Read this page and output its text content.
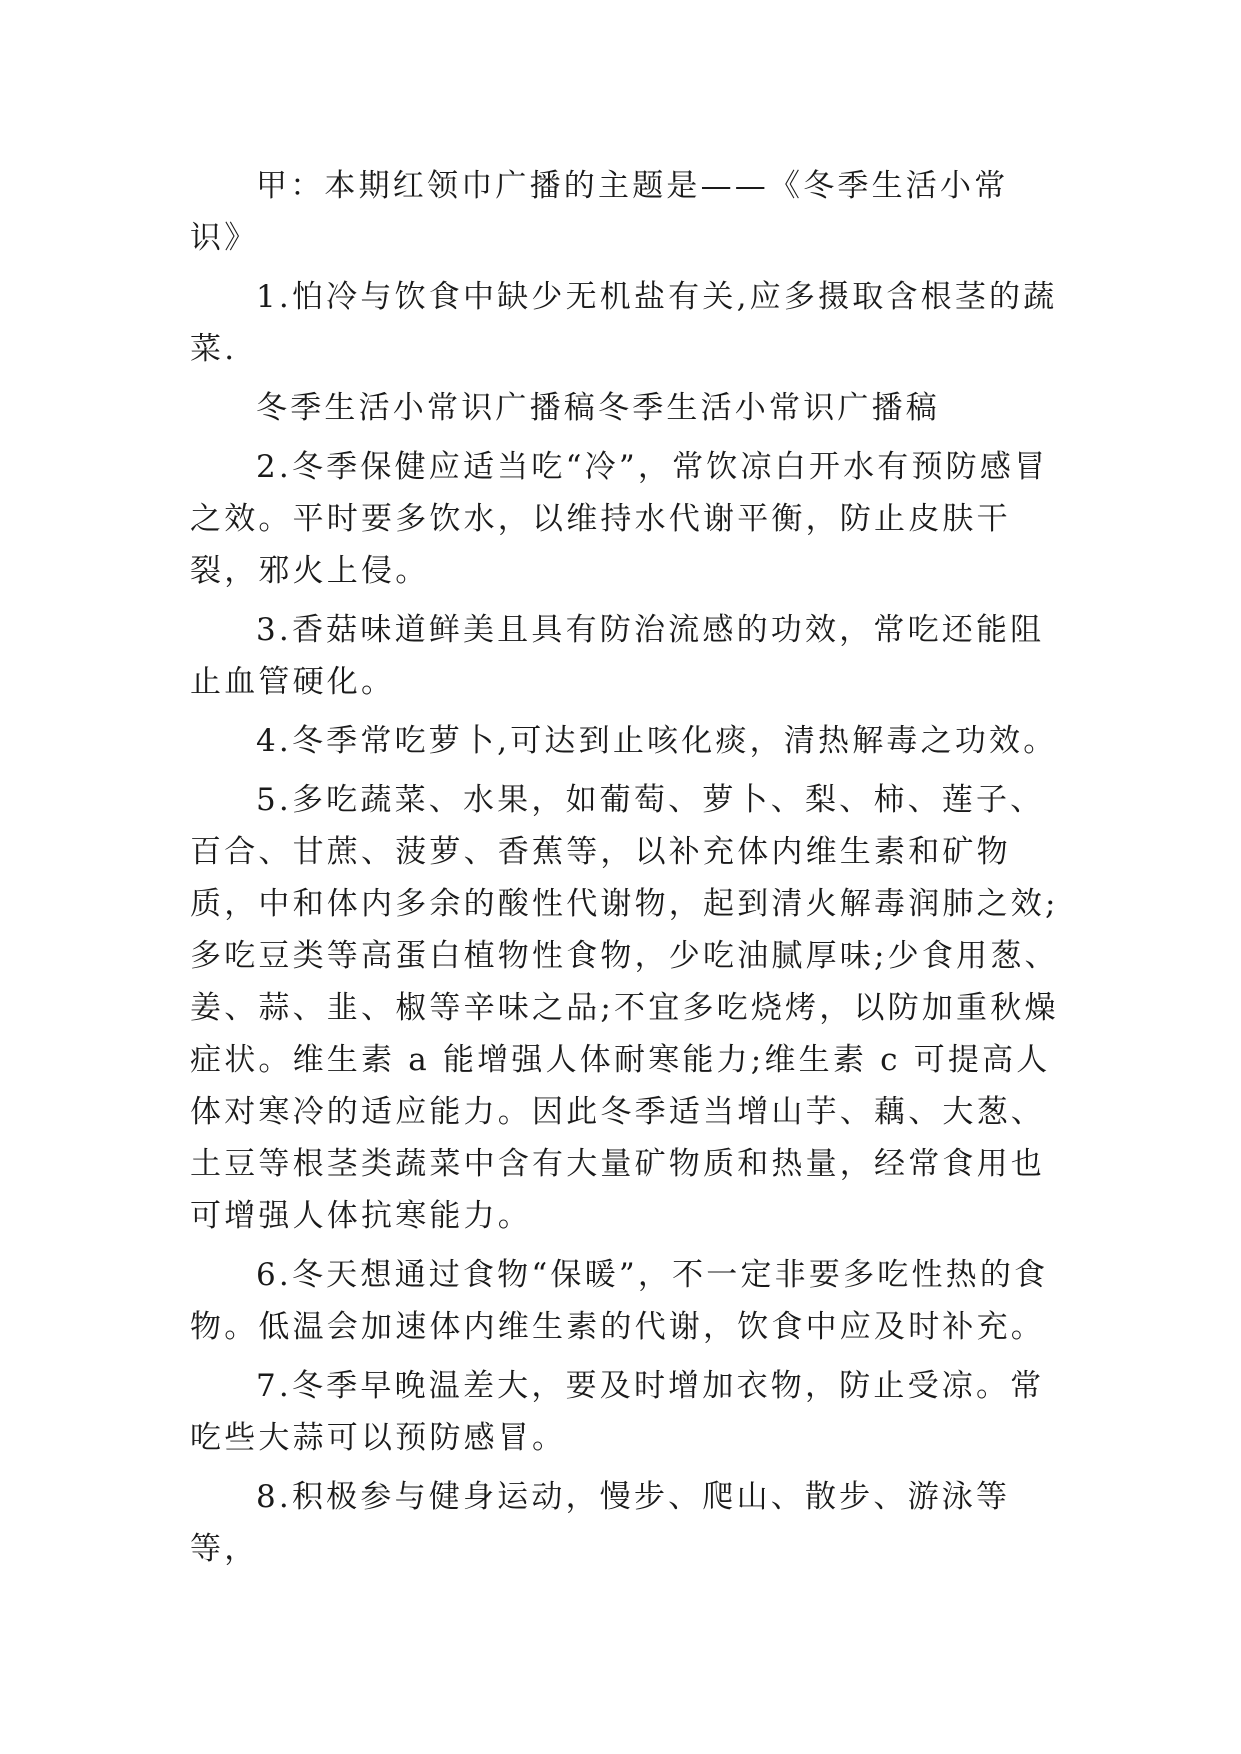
甲：本期红领巾广播的主题是——《冬季生活小常识》

1.怕冷与饮食中缺少无机盐有关,应多摄取含根茎的蔬菜.

冬季生活小常识广播稿冬季生活小常识广播稿

2.冬季保健应适当吃“冷”，常饮凉白开水有预防感冒之效。平时要多饮水，以维持水代谢平衡，防止皮肤干裂，邪火上侵。

3.香菇味道鲜美且具有防治流感的功效，常吃还能阻止血管硬化。

4.冬季常吃萝卜,可达到止咳化痰，清热解毒之功效。

5.多吃蔬菜、水果，如葡萄、萝卜、梨、柿、莲子、百合、甘蔗、菠萝、香蕉等，以补充体内维生素和矿物质，中和体内多余的酸性代谢物，起到清火解毒润肺之效;多吃豆类等高蛋白植物性食物，少吃油腻厚味;少食用葱、姜、蒜、韭、椒等辛味之品;不宜多吃烧烤，以防加重秋燥症状。维生素 a 能增强人体耐寒能力;维生素 c 可提高人体对寒冷的适应能力。因此冬季适当增山芋、藕、大葱、土豆等根茎类蔬菜中含有大量矿物质和热量，经常食用也可增强人体抗寒能力。

6.冬天想通过食物“保暖”，不一定非要多吃性热的食物。低温会加速体内维生素的代谢，饮食中应及时补充。

7.冬季早晚温差大，要及时增加衣物，防止受凉。常吃些大蒜可以预防感冒。

8.积极参与健身运动，慢步、爬山、散步、游泳等等，
